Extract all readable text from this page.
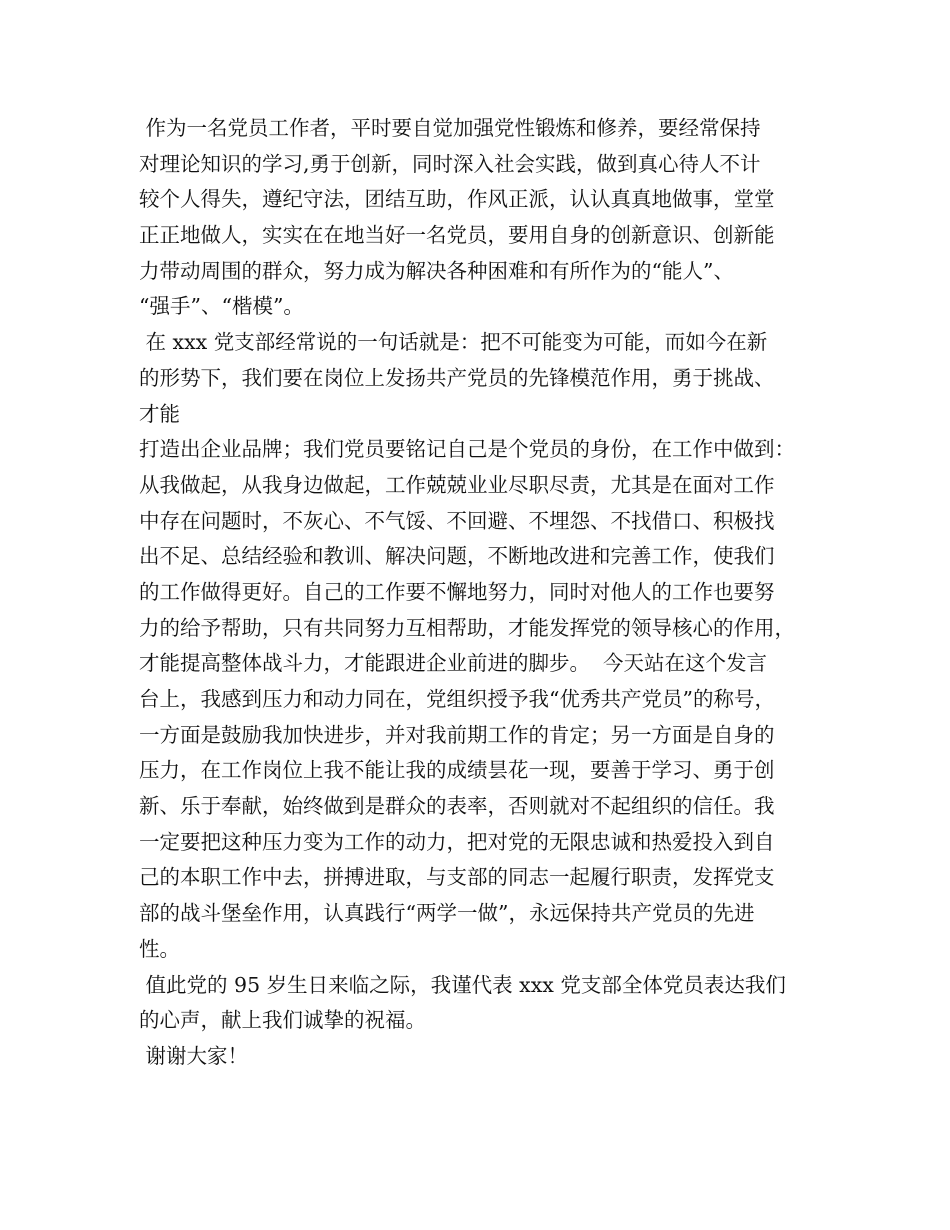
作为一名党员工作者，平时要自觉加强党性锻炼和修养，要经常保持
对理论知识的学习,勇于创新，同时深入社会实践，做到真心待人不计
较个人得失，遵纪守法，团结互助，作风正派，认认真真地做事，堂堂
正正地做人，实实在在地当好一名党员，要用自身的创新意识、创新能
力带动周围的群众，努力成为解决各种困难和有所作为的“能人”、
“强手”、“楷模”。
在 xxx 党支部经常说的一句话就是：把不可能变为可能，而如今在新
的形势下，我们要在岗位上发扬共产党员的先锋模范作用，勇于挑战、
才能
打造出企业品牌；我们党员要铭记自己是个党员的身份，在工作中做到：
从我做起，从我身边做起，工作兢兢业业尽职尽责，尤其是在面对工作
中存在问题时，不灰心、不气馁、不回避、不埋怨、不找借口、积极找
出不足、总结经验和教训、解决问题，不断地改进和完善工作，使我们
的工作做得更好。自己的工作要不懈地努力，同时对他人的工作也要努
力的给予帮助，只有共同努力互相帮助，才能发挥党的领导核心的作用，
才能提高整体战斗力，才能跟进企业前进的脚步。  今天站在这个发言
台上，我感到压力和动力同在，党组织授予我“优秀共产党员”的称号，
一方面是鼓励我加快进步，并对我前期工作的肯定；另一方面是自身的
压力，在工作岗位上我不能让我的成绩昙花一现，要善于学习、勇于创
新、乐于奉献，始终做到是群众的表率，否则就对不起组织的信任。我
一定要把这种压力变为工作的动力，把对党的无限忠诚和热爱投入到自
己的本职工作中去，拼搏进取，与支部的同志一起履行职责，发挥党支
部的战斗堡垒作用，认真践行“两学一做”，永远保持共产党员的先进
性。
值此党的 95 岁生日来临之际，我谨代表 xxx 党支部全体党员表达我们
的心声，献上我们诚挚的祝福。
谢谢大家！
